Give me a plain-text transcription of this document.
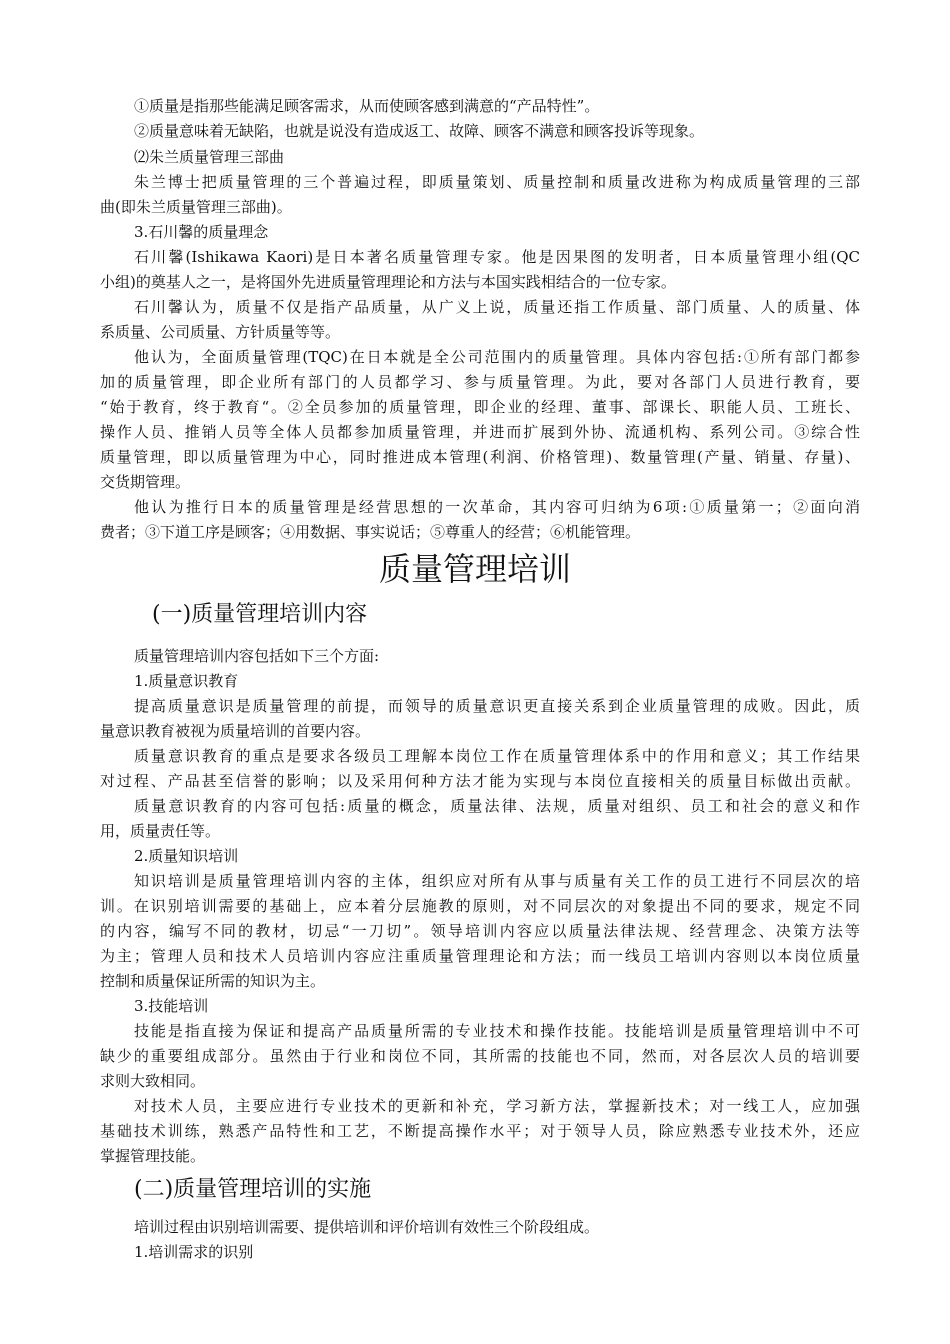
①质量是指那些能满足顾客需求，从而使顾客感到满意的“产品特性”。
②质量意味着无缺陷，也就是说没有造成返工、故障、顾客不满意和顾客投诉等现象。
⑵朱兰质量管理三部曲
朱兰博士把质量管理的三个普遍过程，即质量策划、质量控制和质量改进称为构成质量管理的三部
曲(即朱兰质量管理三部曲)。
3.石川馨的质量理念
石川馨(Ishikawa Kaori)是日本著名质量管理专家。他是因果图的发明者，日本质量管理小组(QC
小组)的奠基人之一，是将国外先进质量管理理论和方法与本国实践相结合的一位专家。
石川馨认为，质量不仅是指产品质量，从广义上说，质量还指工作质量、部门质量、人的质量、体
系质量、公司质量、方针质量等等。
他认为，全面质量管理(TQC)在日本就是全公司范围内的质量管理。具体内容包括:①所有部门都参
加的质量管理，即企业所有部门的人员都学习、参与质量管理。为此，要对各部门人员进行教育，要
“始于教育，终于教育“。②全员参加的质量管理，即企业的经理、董事、部课长、职能人员、工班长、
操作人员、推销人员等全体人员都参加质量管理，并进而扩展到外协、流通机构、系列公司。③综合性
质量管理，即以质量管理为中心，同时推进成本管理(利润、价格管理)、数量管理(产量、销量、存量)、
交货期管理。
他认为推行日本的质量管理是经营思想的一次革命，其内容可归纳为6项:①质量第一；②面向消
费者；③下道工序是顾客；④用数据、事实说话；⑤尊重人的经营；⑥机能管理。
质量管理培训
(一)质量管理培训内容
质量管理培训内容包括如下三个方面:
1.质量意识教育
提高质量意识是质量管理的前提，而领导的质量意识更直接关系到企业质量管理的成败。因此，质
量意识教育被视为质量培训的首要内容。
质量意识教育的重点是要求各级员工理解本岗位工作在质量管理体系中的作用和意义；其工作结果
对过程、产品甚至信誉的影响；以及采用何种方法才能为实现与本岗位直接相关的质量目标做出贡献。
质量意识教育的内容可包括:质量的概念，质量法律、法规，质量对组织、员工和社会的意义和作
用，质量责任等。
2.质量知识培训
知识培训是质量管理培训内容的主体，组织应对所有从事与质量有关工作的员工进行不同层次的培
训。在识别培训需要的基础上，应本着分层施教的原则，对不同层次的对象提出不同的要求，规定不同
的内容，编写不同的教材，切忌“一刀切”。领导培训内容应以质量法律法规、经营理念、决策方法等
为主；管理人员和技术人员培训内容应注重质量管理理论和方法；而一线员工培训内容则以本岗位质量
控制和质量保证所需的知识为主。
3.技能培训
技能是指直接为保证和提高产品质量所需的专业技术和操作技能。技能培训是质量管理培训中不可
缺少的重要组成部分。虽然由于行业和岗位不同，其所需的技能也不同，然而，对各层次人员的培训要
求则大致相同。
对技术人员，主要应进行专业技术的更新和补充，学习新方法，掌握新技术；对一线工人，应加强
基础技术训练，熟悉产品特性和工艺，不断提高操作水平；对于领导人员，除应熟悉专业技术外，还应
掌握管理技能。
(二)质量管理培训的实施
培训过程由识别培训需要、提供培训和评价培训有效性三个阶段组成。
1.培训需求的识别
